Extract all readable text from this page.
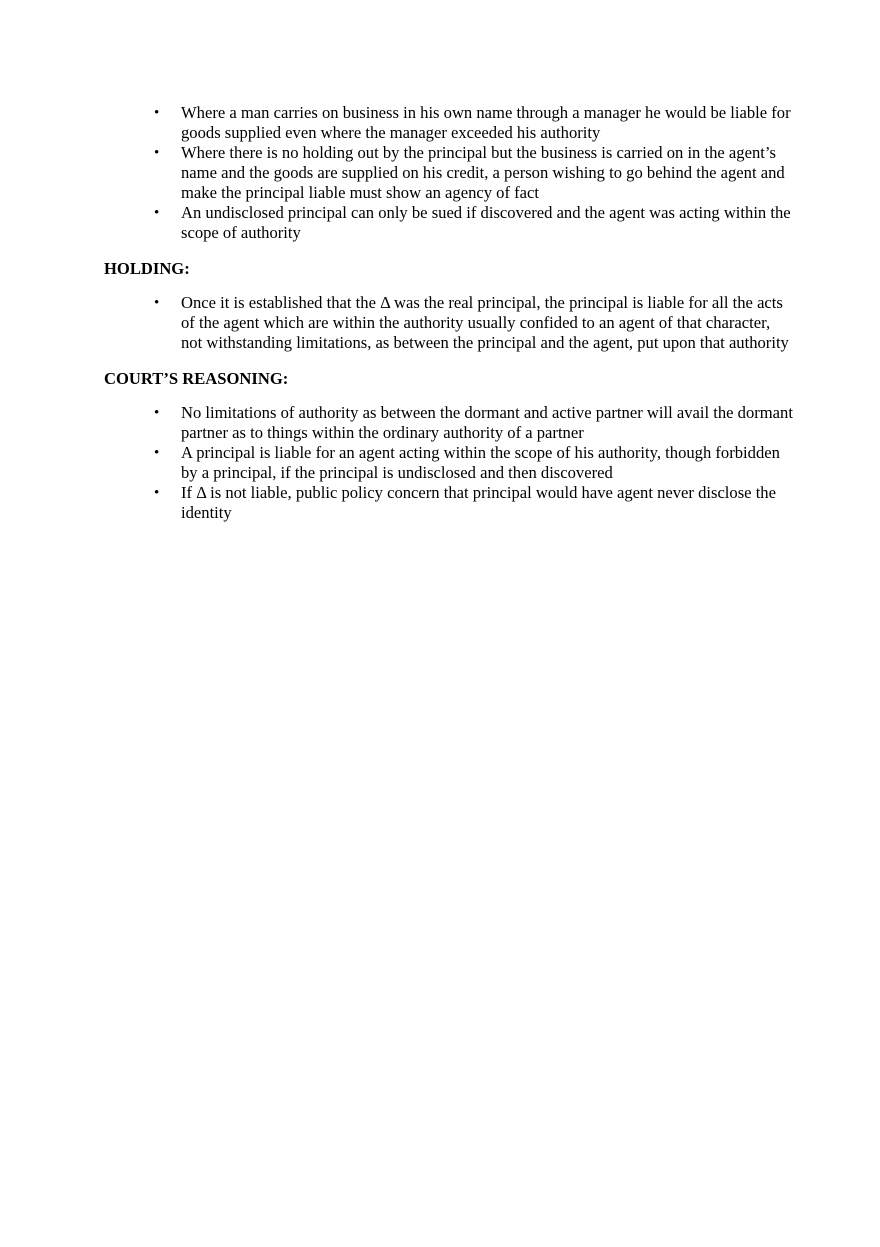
• Where a man carries on business in his own name through a manager he would be liable for goods supplied even where the manager exceeded his authority
• Where there is no holding out by the principal but the business is carried on in the agent’s name and the goods are supplied on his credit, a person wishing to go behind the agent and make the principal liable must show an agency of fact
• An undisclosed principal can only be sued if discovered and the agent was acting within the scope of authority

HOLDING:

• Once it is established that the Δ was the real principal, the principal is liable for all the acts of the agent which are within the authority usually confided to an agent of that character, not withstanding limitations, as between the principal and the agent, put upon that authority

COURT’S REASONING:

• No limitations of authority as between the dormant and active partner will avail the dormant partner as to things within the ordinary authority of a partner
• A principal is liable for an agent acting within the scope of his authority, though forbidden by a principal, if the principal is undisclosed and then discovered
• If Δ is not liable, public policy concern that principal would have agent never disclose the identity
